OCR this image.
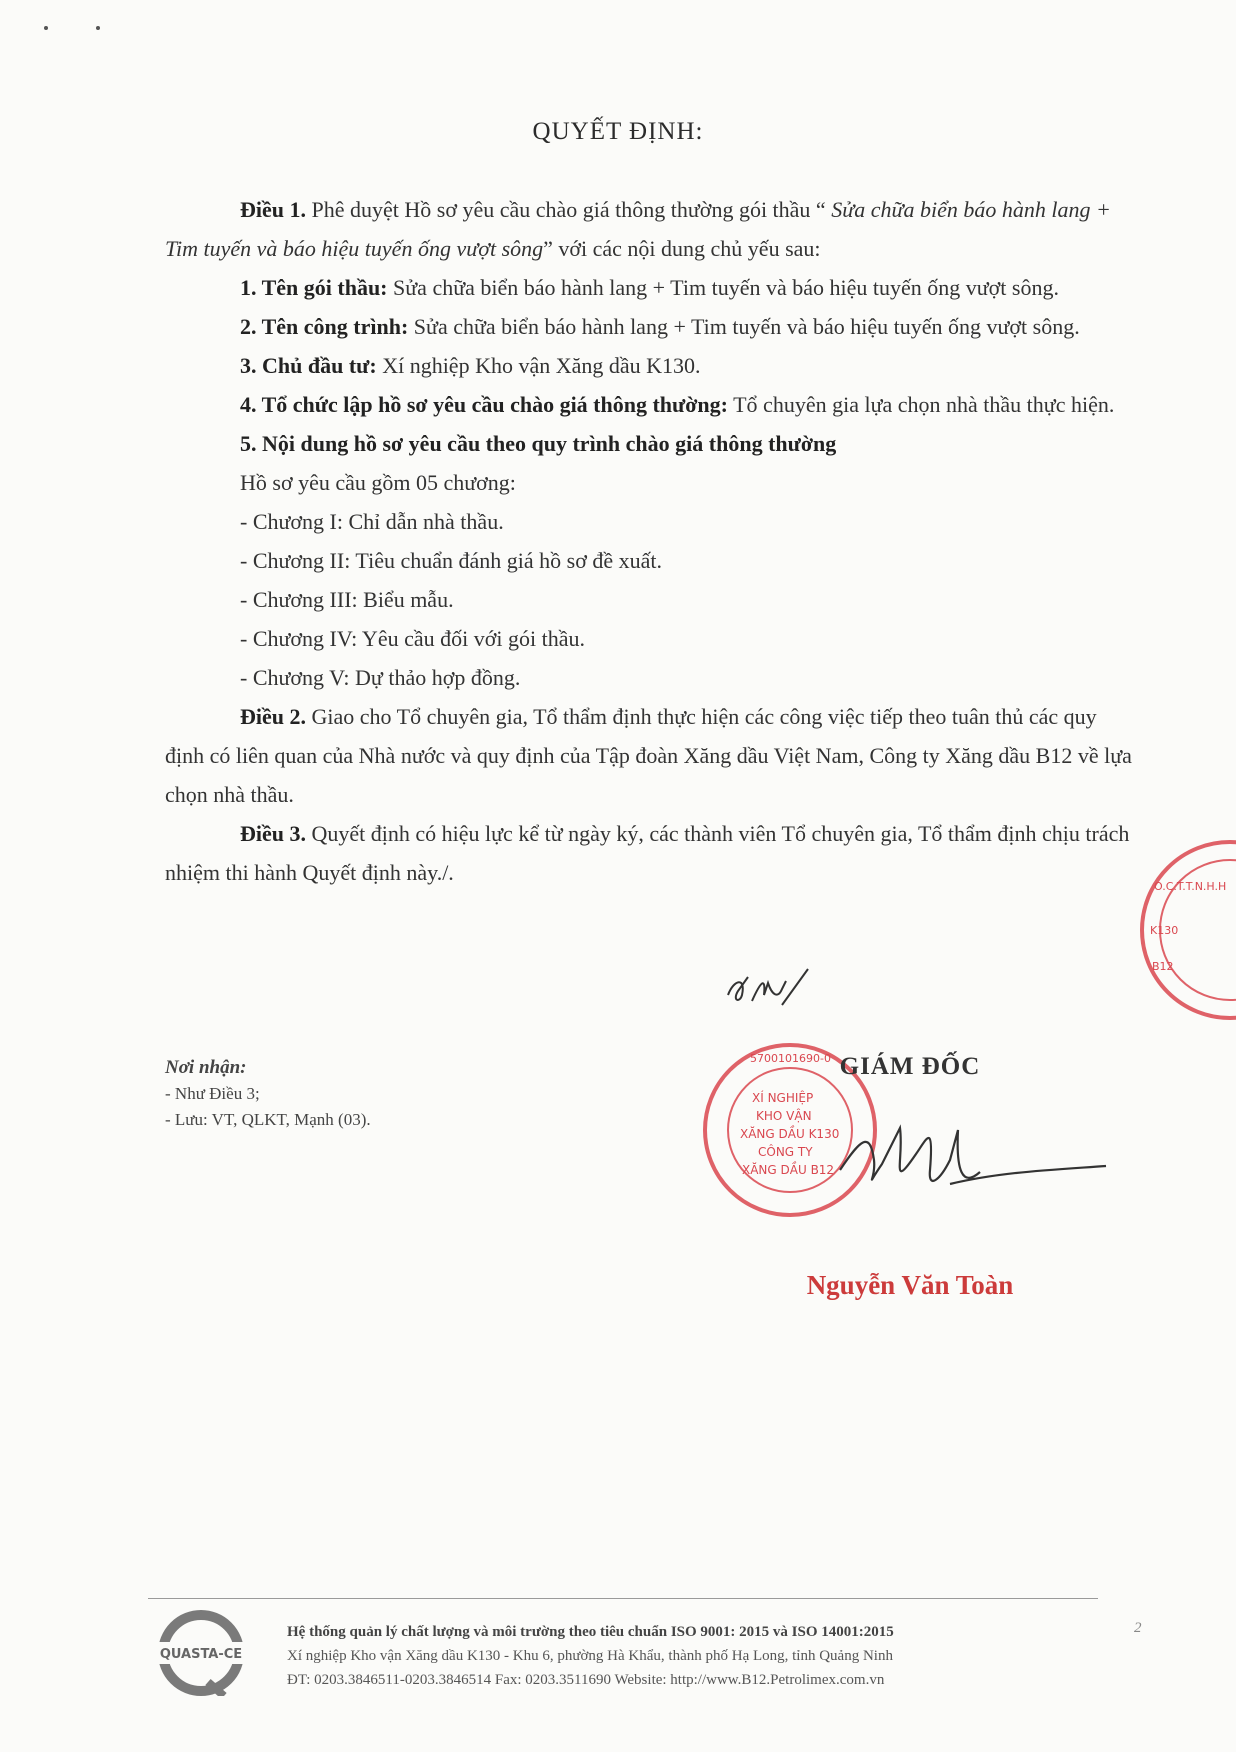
QUYẾT ĐỊNH:

Điều 1. Phê duyệt Hồ sơ yêu cầu chào giá thông thường gói thầu “ Sửa chữa biển báo hành lang + Tim tuyến và báo hiệu tuyến ống vượt sông” với các nội dung chủ yếu sau:

1. Tên gói thầu: Sửa chữa biển báo hành lang + Tim tuyến và báo hiệu tuyến ống vượt sông.

2. Tên công trình: Sửa chữa biển báo hành lang + Tim tuyến và báo hiệu tuyến ống vượt sông.

3. Chủ đầu tư: Xí nghiệp Kho vận Xăng dầu K130.

4. Tổ chức lập hồ sơ yêu cầu chào giá thông thường: Tổ chuyên gia lựa chọn nhà thầu thực hiện.

5. Nội dung hồ sơ yêu cầu theo quy trình chào giá thông thường

Hồ sơ yêu cầu gồm 05 chương:

- Chương I: Chỉ dẫn nhà thầu.

- Chương II: Tiêu chuẩn đánh giá hồ sơ đề xuất.

- Chương III: Biểu mẫu.

- Chương IV: Yêu cầu đối với gói thầu.

- Chương V: Dự thảo hợp đồng.

Điều 2. Giao cho Tổ chuyên gia, Tổ thẩm định thực hiện các công việc tiếp theo tuân thủ các quy định có liên quan của Nhà nước và quy định của Tập đoàn Xăng dầu Việt Nam, Công ty Xăng dầu B12 về lựa chọn nhà thầu.

Điều 3. Quyết định có hiệu lực kể từ ngày ký, các thành viên Tổ chuyên gia, Tổ thẩm định chịu trách nhiệm thi hành Quyết định này./.

Nơi nhận:
- Như Điều 3;
- Lưu: VT, QLKT, Mạnh (03).
O.C.T.T.N.H.H
K130
B12
XÍ NGHIỆP
KHO VẬN
XĂNG DẦU K130
CÔNG TY
XĂNG DẦU B12
5700101690-0 GIÁM ĐỐC
Nguyễn Văn Toàn
QUASTA-CE
Hệ thống quản lý chất lượng và môi trường theo tiêu chuẩn ISO 9001: 2015 và ISO 14001:2015
Xí nghiệp Kho vận Xăng dầu K130 - Khu 6, phường Hà Khẩu, thành phố Hạ Long, tỉnh Quảng Ninh
ĐT: 0203.3846511-0203.3846514 Fax: 0203.3511690 Website: http://www.B12.Petrolimex.com.vn
2
